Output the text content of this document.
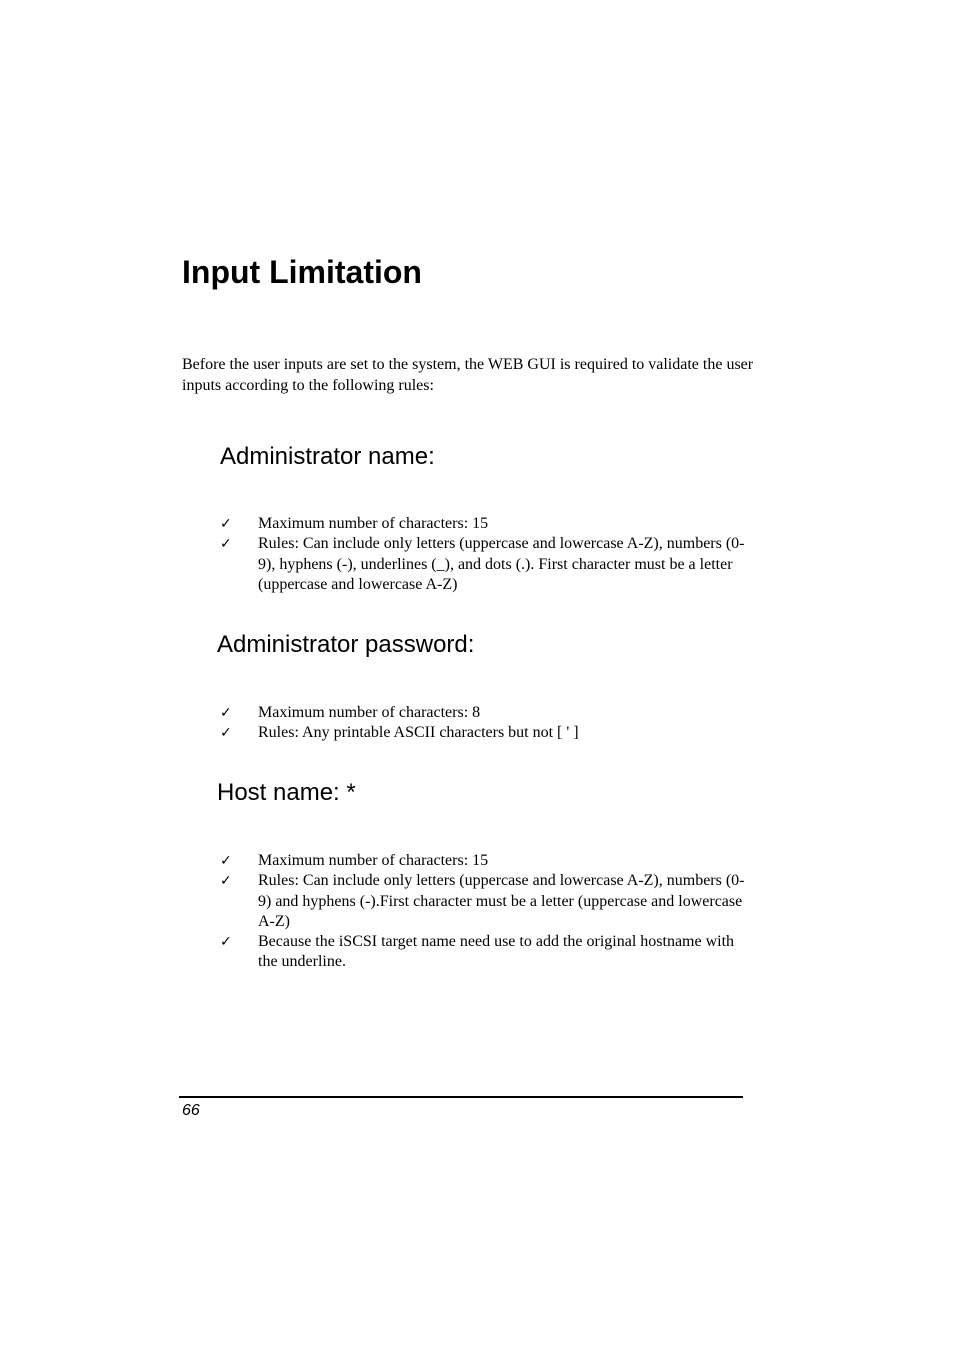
Input Limitation

Before the user inputs are set to the system, the WEB GUI is required to validate the user inputs according to the following rules:

Administrator name:
✓ Maximum number of characters: 15
✓ Rules: Can include only letters (uppercase and lowercase A-Z), numbers (0-9), hyphens (-), underlines (_), and dots (.). First character must be a letter (uppercase and lowercase A-Z)
Administrator password:
✓ Maximum number of characters: 8
✓ Rules: Any printable ASCII characters but not [ ' ]
Host name: *
✓ Maximum number of characters: 15
✓ Rules: Can include only letters (uppercase and lowercase A-Z), numbers (0-9) and hyphens (-).First character must be a letter (uppercase and lowercase A-Z)
✓ Because the iSCSI target name need use to add the original hostname with the underline.
66
